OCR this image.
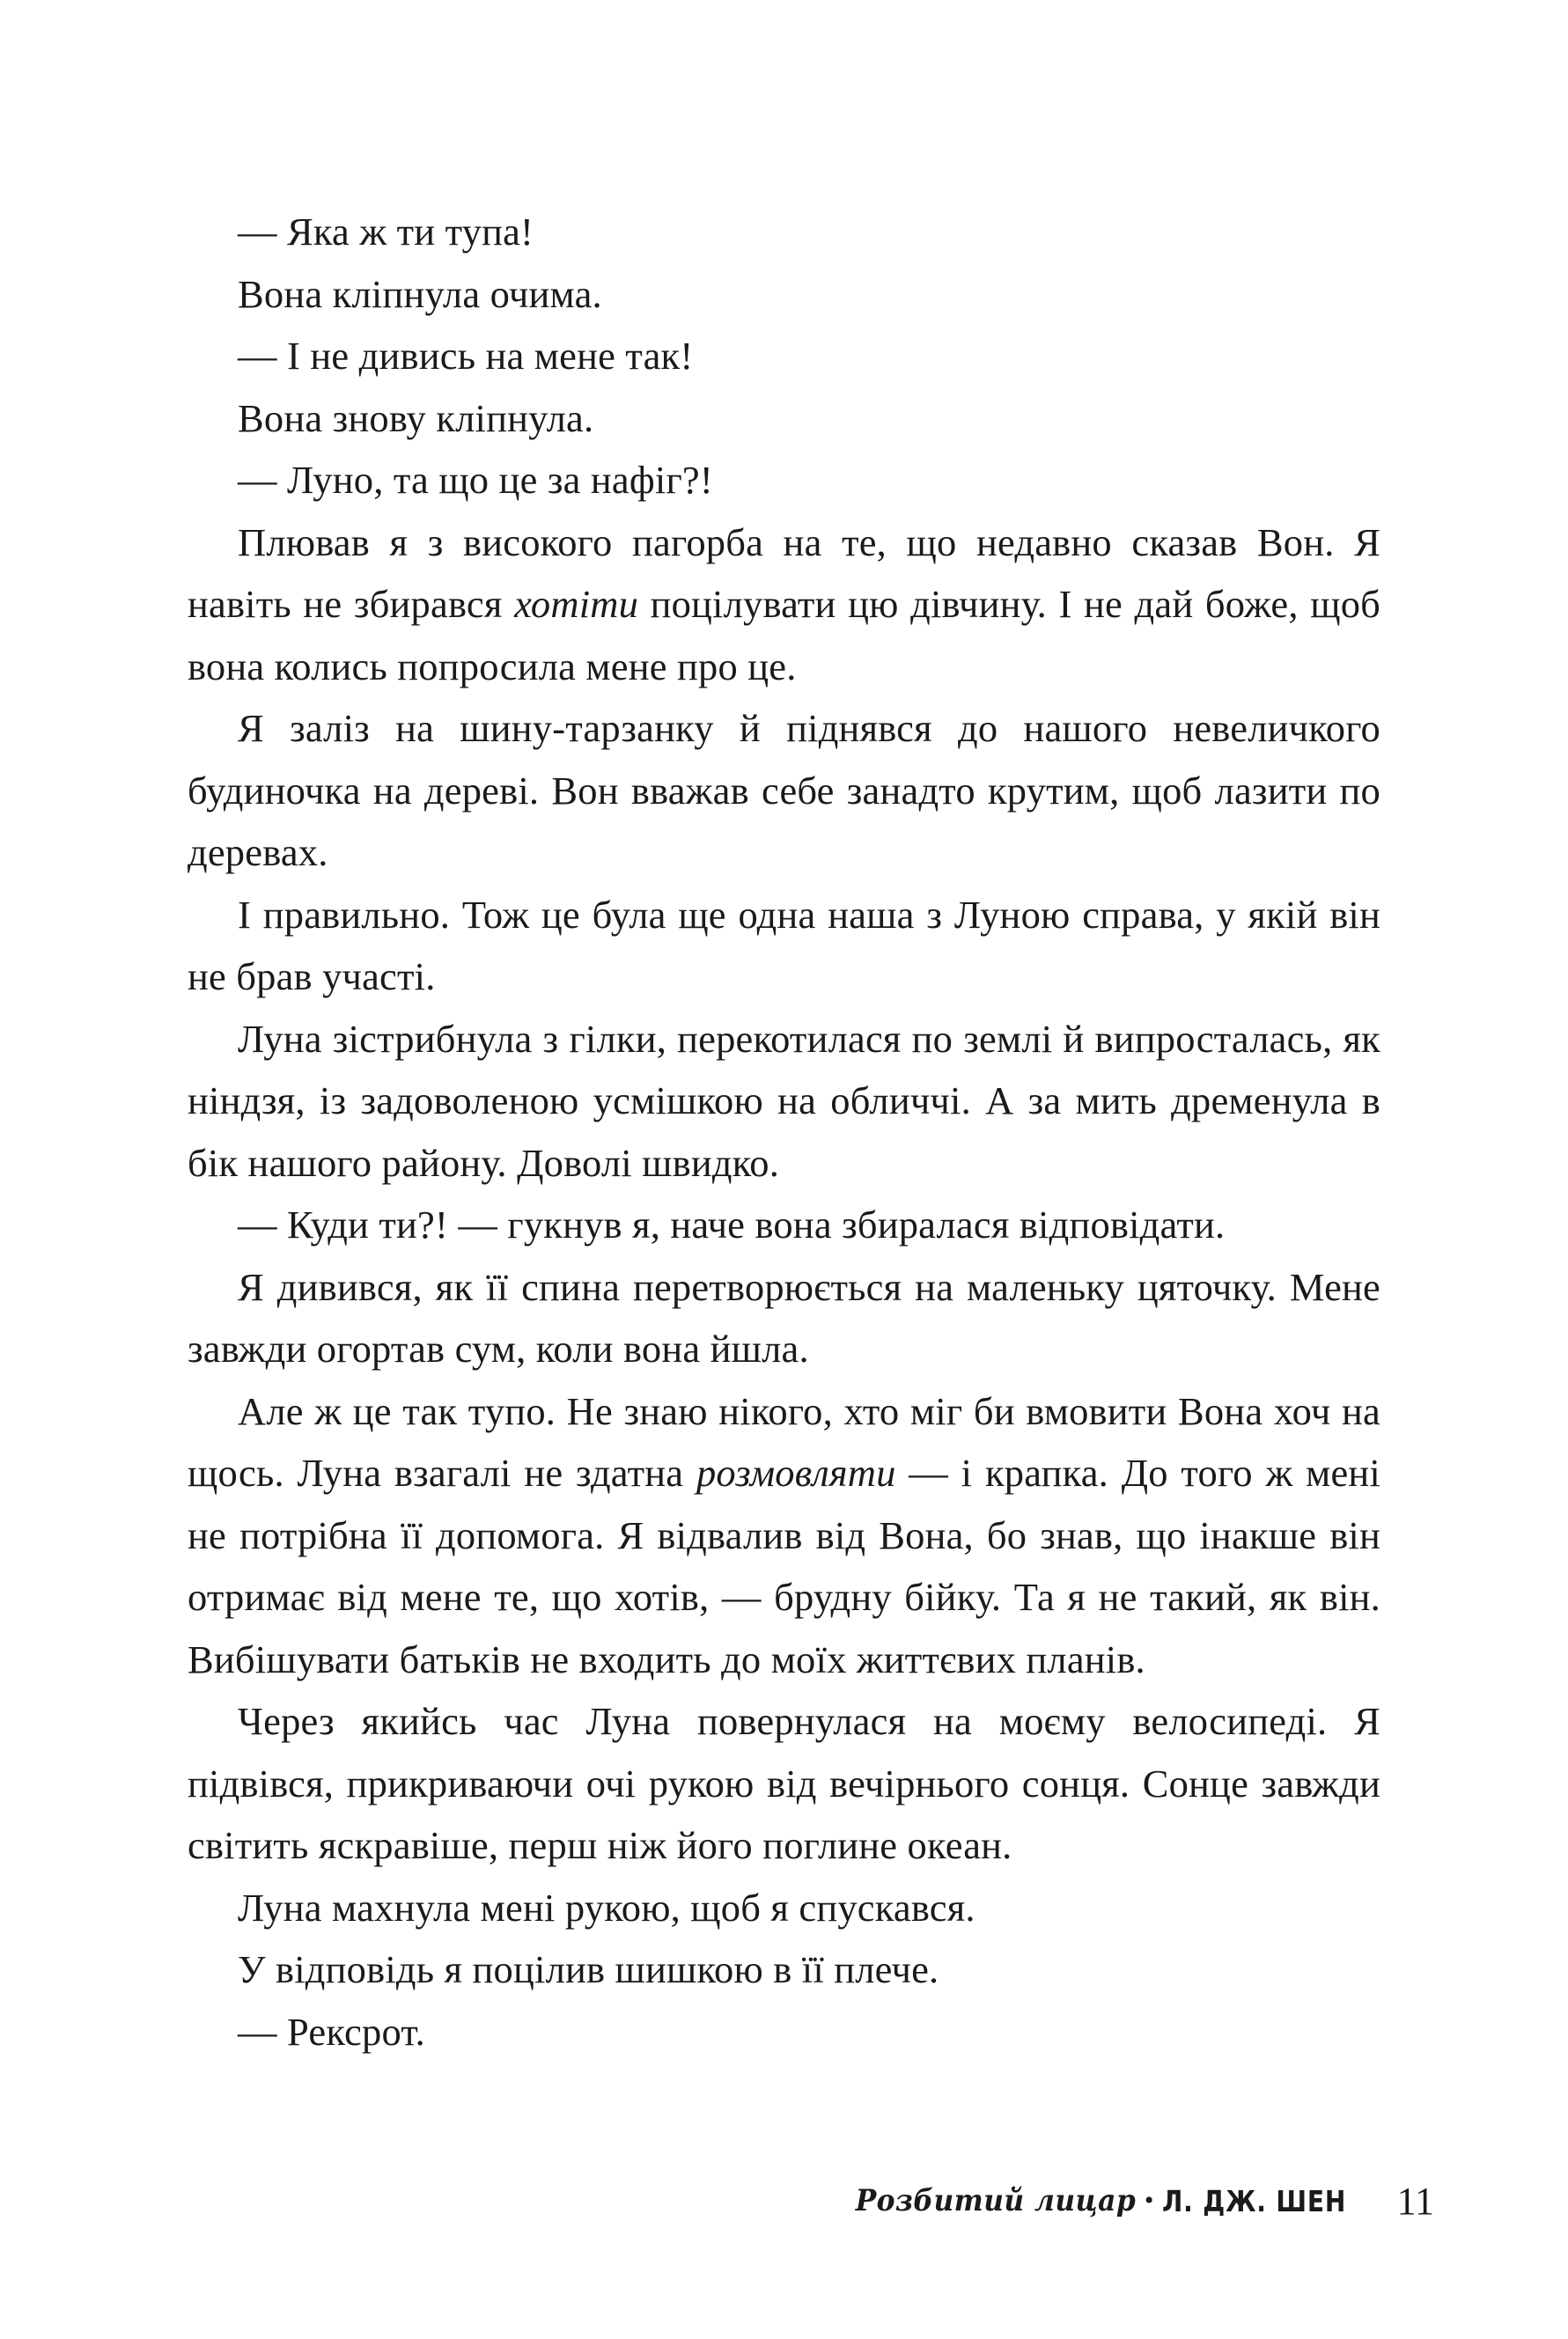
— Яка ж ти тупа!

Вона кліпнула очима.

— І не дивись на мене так!

Вона знову кліпнула.

— Луно, та що це за нафіг?!

Плював я з високого пагорба на те, що недавно сказав Вон. Я навіть не збирався хотіти поцілувати цю дівчину. І не дай боже, щоб вона колись попросила мене про це.

Я заліз на шину-тарзанку й піднявся до нашого невеличкого будиночка на дереві. Вон вважав себе занадто крутим, щоб лазити по деревах.

І правильно. Тож це була ще одна наша з Луною справа, у якій він не брав участі.

Луна зістрибнула з гілки, перекотилася по землі й випросталась, як ніндзя, із задоволеною усмішкою на обличчі. А за мить дременула в бік нашого району. Доволі швидко.

— Куди ти?! — гукнув я, наче вона збиралася відповідати.

Я дивився, як її спина перетворюється на маленьку цяточку. Мене завжди огортав сум, коли вона йшла.

Але ж це так тупо. Не знаю нікого, хто міг би вмовити Вона хоч на щось. Луна взагалі не здатна розмовляти — і крапка. До того ж мені не потрібна її допомога. Я відвалив від Вона, бо знав, що інакше він отримає від мене те, що хотів, — брудну бійку. Та я не такий, як він. Вибішувати батьків не входить до моїх життєвих планів.

Через якийсь час Луна повернулася на моєму велосипеді. Я підвівся, прикриваючи очі рукою від вечірнього сонця. Сонце завжди світить яскравіше, перш ніж його поглине океан.

Луна махнула мені рукою, щоб я спускався.

У відповідь я поцілив шишкою в її плече.

— Рексрот.

Розбитий лицар • Л. ДЖ. ШЕН 11
